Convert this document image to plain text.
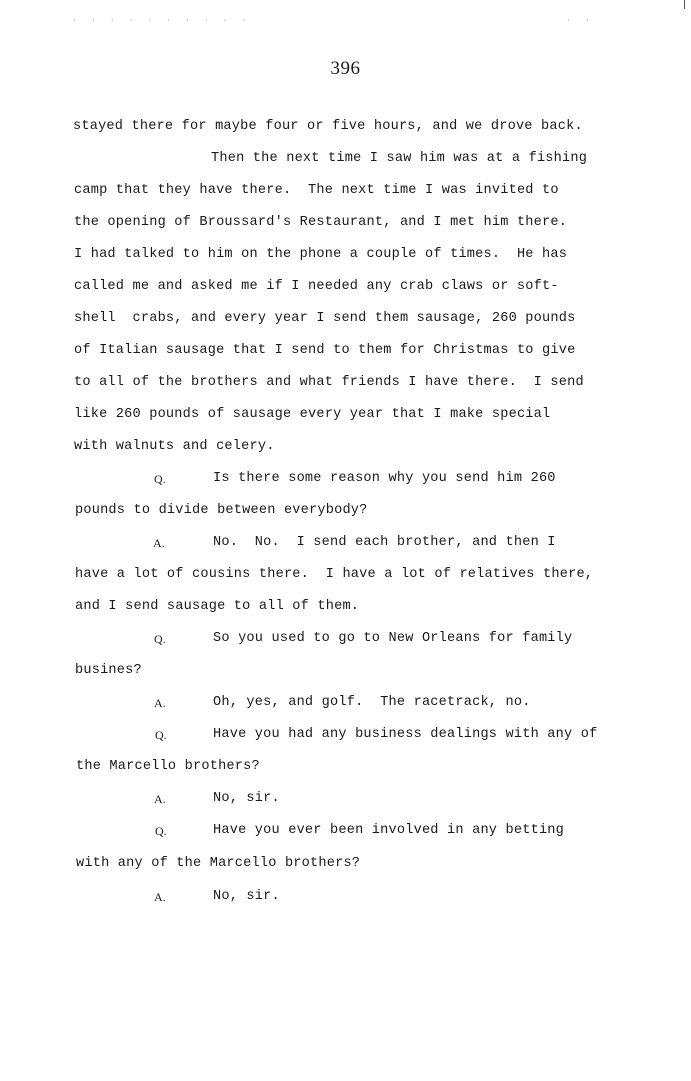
. . . . . . . . . .	. .
396
stayed there for maybe four or five hours, and we drove back.
Then the next time I saw him was at a fishing
camp that they have there.  The next time I was invited to
the opening of Broussard's Restaurant, and I met him there.
I had talked to him on the phone a couple of times.  He has
called me and asked me if I needed any crab claws or soft-
shell  crabs, and every year I send them sausage, 260 pounds
of Italian sausage that I send to them for Christmas to give
to all of the brothers and what friends I have there.  I send
like 260 pounds of sausage every year that I make special
with walnuts and celery.
Q.	Is there some reason why you send him 260
pounds to divide between everybody?
A.	No.  No.  I send each brother, and then I
have a lot of cousins there.  I have a lot of relatives there,
and I send sausage to all of them.
Q.	So you used to go to New Orleans for family
busines?
A.	Oh, yes, and golf.  The racetrack, no.
Q.	Have you had any business dealings with any of
the Marcello brothers?
A.	No, sir.
Q.	Have you ever been involved in any betting
with any of the Marcello brothers?
A.	No, sir.
